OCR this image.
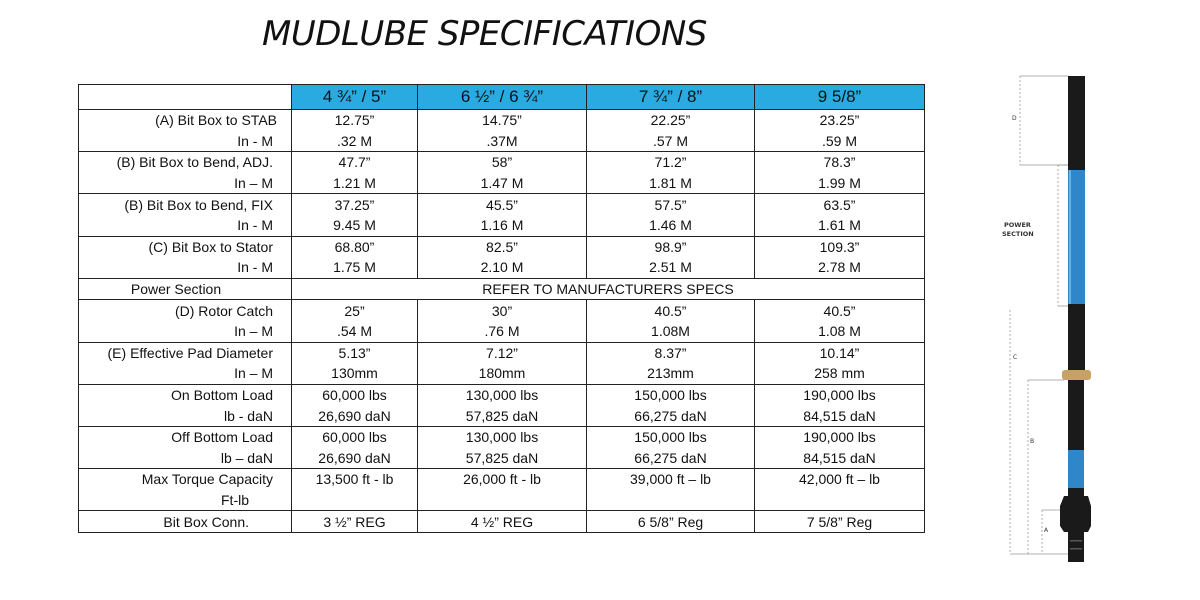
MUDLUBE SPECIFICATIONS
	4 ¾” / 5”	6 ½” / 6 ¾”	7 ¾” / 8”	9 5/8”
(A) Bit Box to STAB	12.75”	14.75”	22.25”	23.25”
In - M	.32 M	.37M	.57 M	.59 M
(B) Bit Box to Bend, ADJ.	47.7”	58”	71.2”	78.3”
In – M	1.21 M	1.47 M	1.81 M	1.99 M
(B) Bit Box to Bend, FIX	37.25”	45.5”	57.5”	63.5”
In - M	9.45 M	1.16 M	1.46 M	1.61 M
(C) Bit Box to Stator	68.80”	82.5”	98.9”	109.3”
In - M	1.75 M	2.10 M	2.51 M	2.78 M
Power Section	REFER TO MANUFACTURERS SPECS			
(D) Rotor Catch	25”	30”	40.5”	40.5”
In – M	.54 M	.76 M	1.08M	1.08 M
(E) Effective Pad Diameter	5.13”	7.12”	8.37”	10.14”
In – M	130mm	180mm	213mm	258 mm
On Bottom Load	60,000 lbs	130,000 lbs	150,000 lbs	190,000 lbs
lb - daN	26,690 daN	57,825 daN	66,275 daN	84,515 daN
Off Bottom Load	60,000 lbs	130,000 lbs	150,000 lbs	190,000 lbs
lb – daN	26,690 daN	57,825 daN	66,275 daN	84,515 daN
Max Torque Capacity	13,500 ft - lb	26,000 ft - lb	39,000 ft – lb	42,000 ft – lb
Ft-lb				
Bit Box Conn.	3 ½” REG	4 ½” REG	6 5/8” Reg	7 5/8” Reg
D
POWER
SECTION
C
B
A
